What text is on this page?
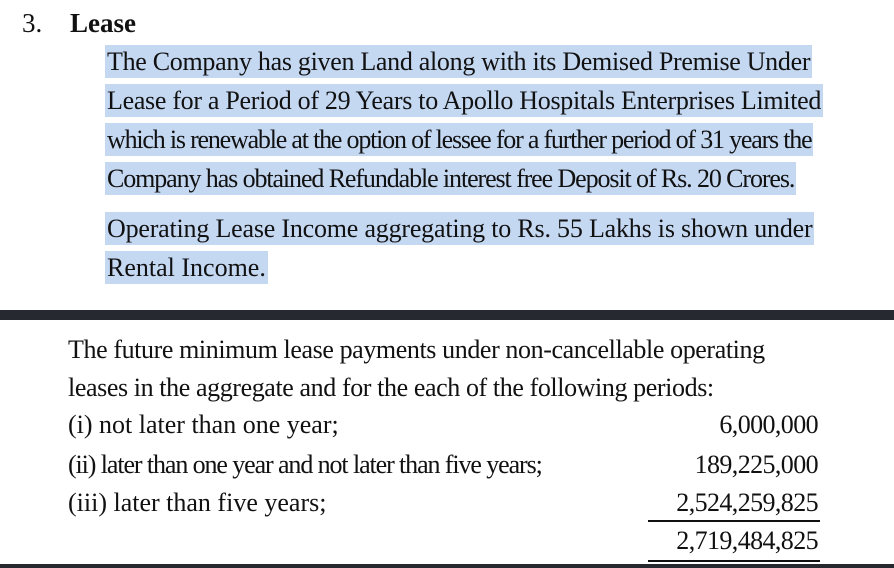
3. Lease
The Company has given Land along with its Demised Premise Under
Lease for a Period of 29 Years to Apollo Hospitals Enterprises Limited
which is renewable at the option of lessee for a further period of 31 years the
Company has obtained Refundable interest free Deposit of Rs. 20 Crores.
Operating Lease Income aggregating to Rs. 55 Lakhs is shown under
Rental Income.
The future minimum lease payments under non-cancellable operating
leases in the aggregate and for the each of the following periods:
(i) not later than one year;	6,000,000
(ii) later than one year and not later than five years;	189,225,000
(iii) later than five years;	2,524,259,825
2,719,484,825
